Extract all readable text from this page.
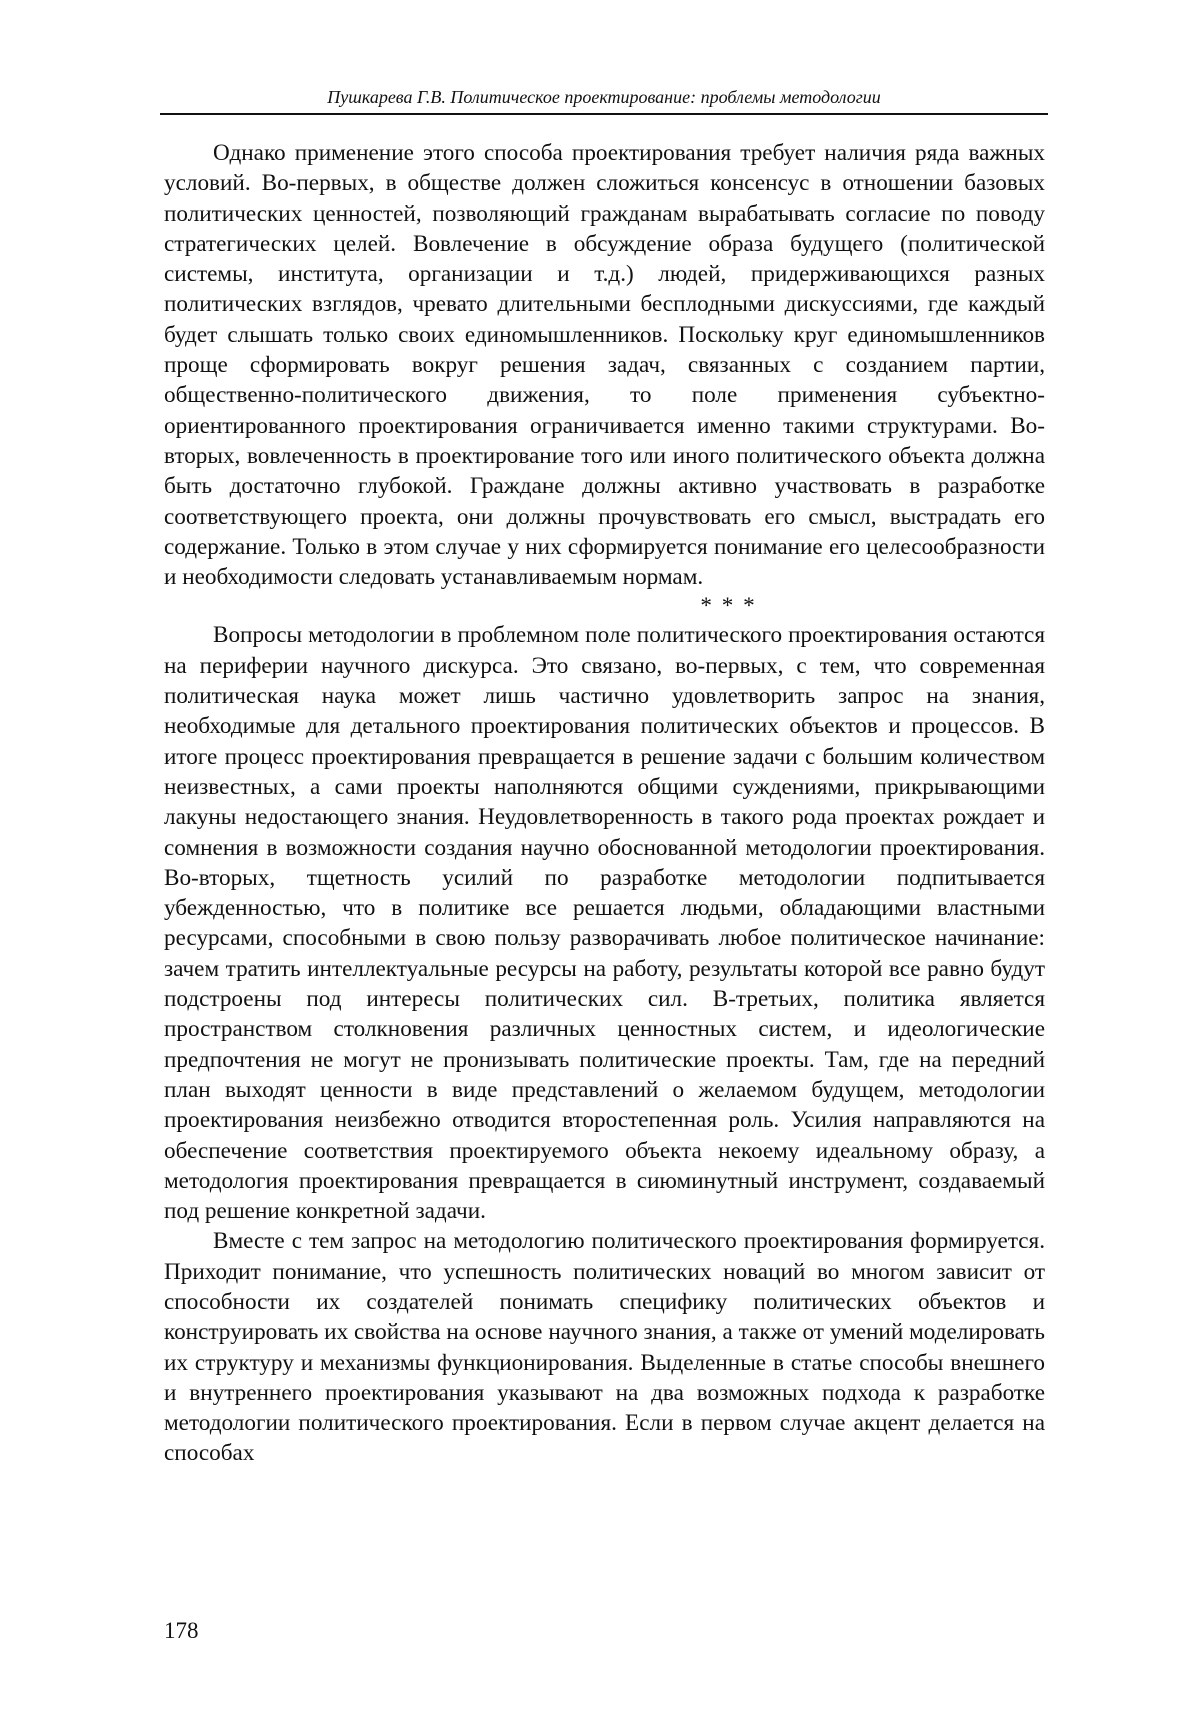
Пушкарева Г.В. Политическое проектирование: проблемы методологии

Однако применение этого способа проектирования требует наличия ряда важных условий. Во-первых, в обществе должен сложиться консенсус в отношении базовых политических ценностей, позволяющий гражданам вырабатывать согласие по поводу стратегических целей. Вовлечение в обсуждение образа будущего (политической системы, института, организации и т.д.) людей, придерживающихся разных политических взглядов, чревато длительными бесплодными дискуссиями, где каждый будет слышать только своих единомышленников. Поскольку круг единомышленников проще сформировать вокруг решения задач, связанных с созданием партии, общественно-политического движения, то поле применения субъектно-ориентированного проектирования ограничивается именно такими структурами. Во-вторых, вовлеченность в проектирование того или иного политического объекта должна быть достаточно глубокой. Граждане должны активно участвовать в разработке соответствующего проекта, они должны прочувствовать его смысл, выстрадать его содержание. Только в этом случае у них сформируется понимание его целесообразности и необходимости следовать устанавливаемым нормам.

* * *

Вопросы методологии в проблемном поле политического проектирования остаются на периферии научного дискурса. Это связано, во-первых, с тем, что современная политическая наука может лишь частично удовлетворить запрос на знания, необходимые для детального проектирования политических объектов и процессов. В итоге процесс проектирования превращается в решение задачи с большим количеством неизвестных, а сами проекты наполняются общими суждениями, прикрывающими лакуны недостающего знания. Неудовлетворенность в такого рода проектах рождает и сомнения в возможности создания научно обоснованной методологии проектирования. Во-вторых, тщетность усилий по разработке методологии подпитывается убежденностью, что в политике все решается людьми, обладающими властными ресурсами, способными в свою пользу разворачивать любое политическое начинание: зачем тратить интеллектуальные ресурсы на работу, результаты которой все равно будут подстроены под интересы политических сил. В-третьих, политика является пространством столкновения различных ценностных систем, и идеологические предпочтения не могут не пронизывать политические проекты. Там, где на передний план выходят ценности в виде представлений о желаемом будущем, методологии проектирования неизбежно отводится второстепенная роль. Усилия направляются на обеспечение соответствия проектируемого объекта некоему идеальному образу, а методология проектирования превращается в сиюминутный инструмент, создаваемый под решение конкретной задачи.

Вместе с тем запрос на методологию политического проектирования формируется. Приходит понимание, что успешность политических новаций во многом зависит от способности их создателей понимать специфику политических объектов и конструировать их свойства на основе научного знания, а также от умений моделировать их структуру и механизмы функционирования. Выделенные в статье способы внешнего и внутреннего проектирования указывают на два возможных подхода к разработке методологии политического проектирования. Если в первом случае акцент делается на способах

178
